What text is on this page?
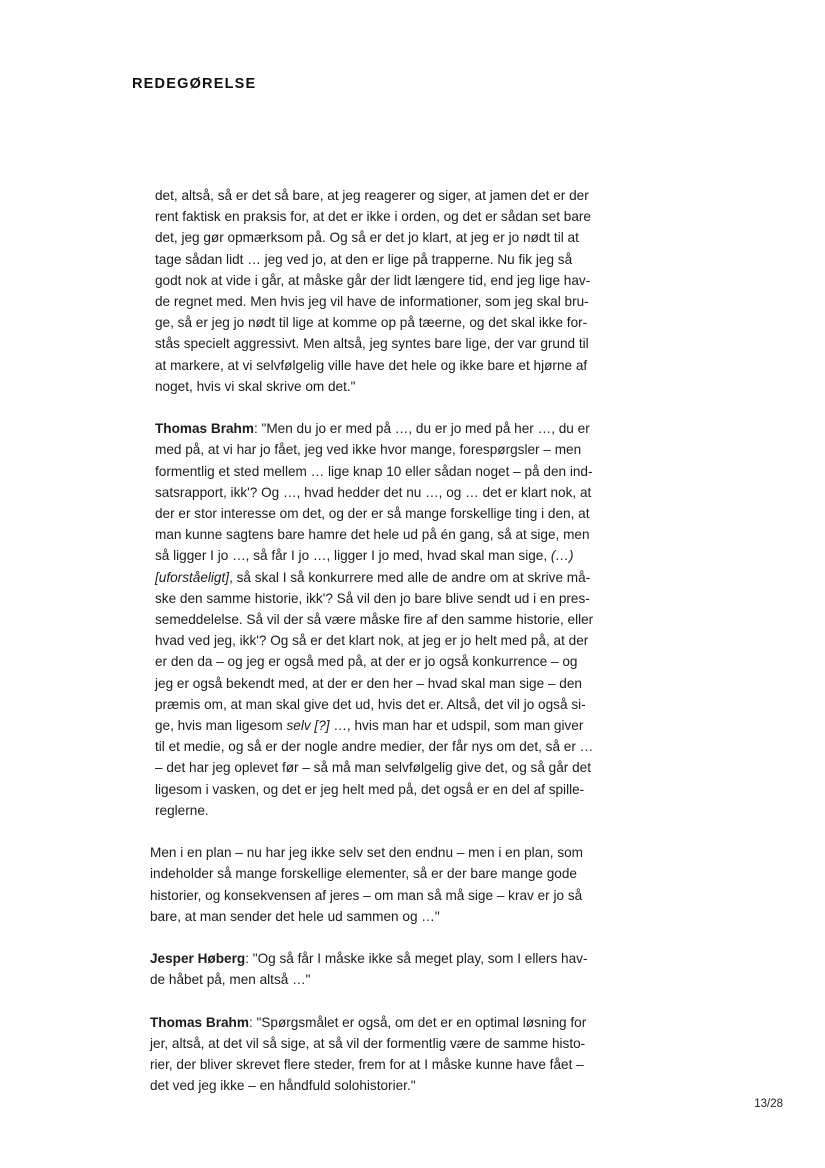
REDEGØRELSE
det, altså, så er det så bare, at jeg reagerer og siger, at jamen det er der
rent faktisk en praksis for, at det er ikke i orden, og det er sådan set bare
det, jeg gør opmærksom på. Og så er det jo klart, at jeg er jo nødt til at
tage sådan lidt … jeg ved jo, at den er lige på trapperne. Nu fik jeg så
godt nok at vide i går, at måske går der lidt længere tid, end jeg lige hav-
de regnet med. Men hvis jeg vil have de informationer, som jeg skal bru-
ge, så er jeg jo nødt til lige at komme op på tæerne, og det skal ikke for-
stås specielt aggressivt. Men altså, jeg syntes bare lige, der var grund til
at markere, at vi selvfølgelig ville have det hele og ikke bare et hjørne af
noget, hvis vi skal skrive om det."
Thomas Brahm: "Men du jo er med på …, du er jo med på her …, du er
med på, at vi har jo fået, jeg ved ikke hvor mange, forespørgsler – men
formentlig et sted mellem … lige knap 10 eller sådan noget – på den ind-
satsrapport, ikk'? Og …, hvad hedder det nu …, og … det er klart nok, at
der er stor interesse om det, og der er så mange forskellige ting i den, at
man kunne sagtens bare hamre det hele ud på én gang, så at sige, men
så ligger I jo …, så får I jo …, ligger I jo med, hvad skal man sige, (…)
[uforståeligt], så skal I så konkurrere med alle de andre om at skrive må-
ske den samme historie, ikk'? Så vil den jo bare blive sendt ud i en pres-
semeddelelse. Så vil der så være måske fire af den samme historie, eller
hvad ved jeg, ikk'? Og så er det klart nok, at jeg er jo helt med på, at der
er den da – og jeg er også med på, at der er jo også konkurrence – og
jeg er også bekendt med, at der er den her – hvad skal man sige – den
præmis om, at man skal give det ud, hvis det er. Altså, det vil jo også si-
ge, hvis man ligesom selv [?] …, hvis man har et udspil, som man giver
til et medie, og så er der nogle andre medier, der får nys om det, så er …
– det har jeg oplevet før – så må man selvfølgelig give det, og så går det
ligesom i vasken, og det er jeg helt med på, det også er en del af spille-
reglerne.
Men i en plan – nu har jeg ikke selv set den endnu – men i en plan, som
indeholder så mange forskellige elementer, så er der bare mange gode
historier, og konsekvensen af jeres – om man så må sige – krav er jo så
bare, at man sender det hele ud sammen og …"
Jesper Høberg: "Og så får I måske ikke så meget play, som I ellers hav-
de håbet på, men altså …"
Thomas Brahm: "Spørgsmålet er også, om det er en optimal løsning for
jer, altså, at det vil så sige, at så vil der formentlig være de samme histo-
rier, der bliver skrevet flere steder, frem for at I måske kunne have fået –
det ved jeg ikke – en håndfuld solohistorier."
13/28
